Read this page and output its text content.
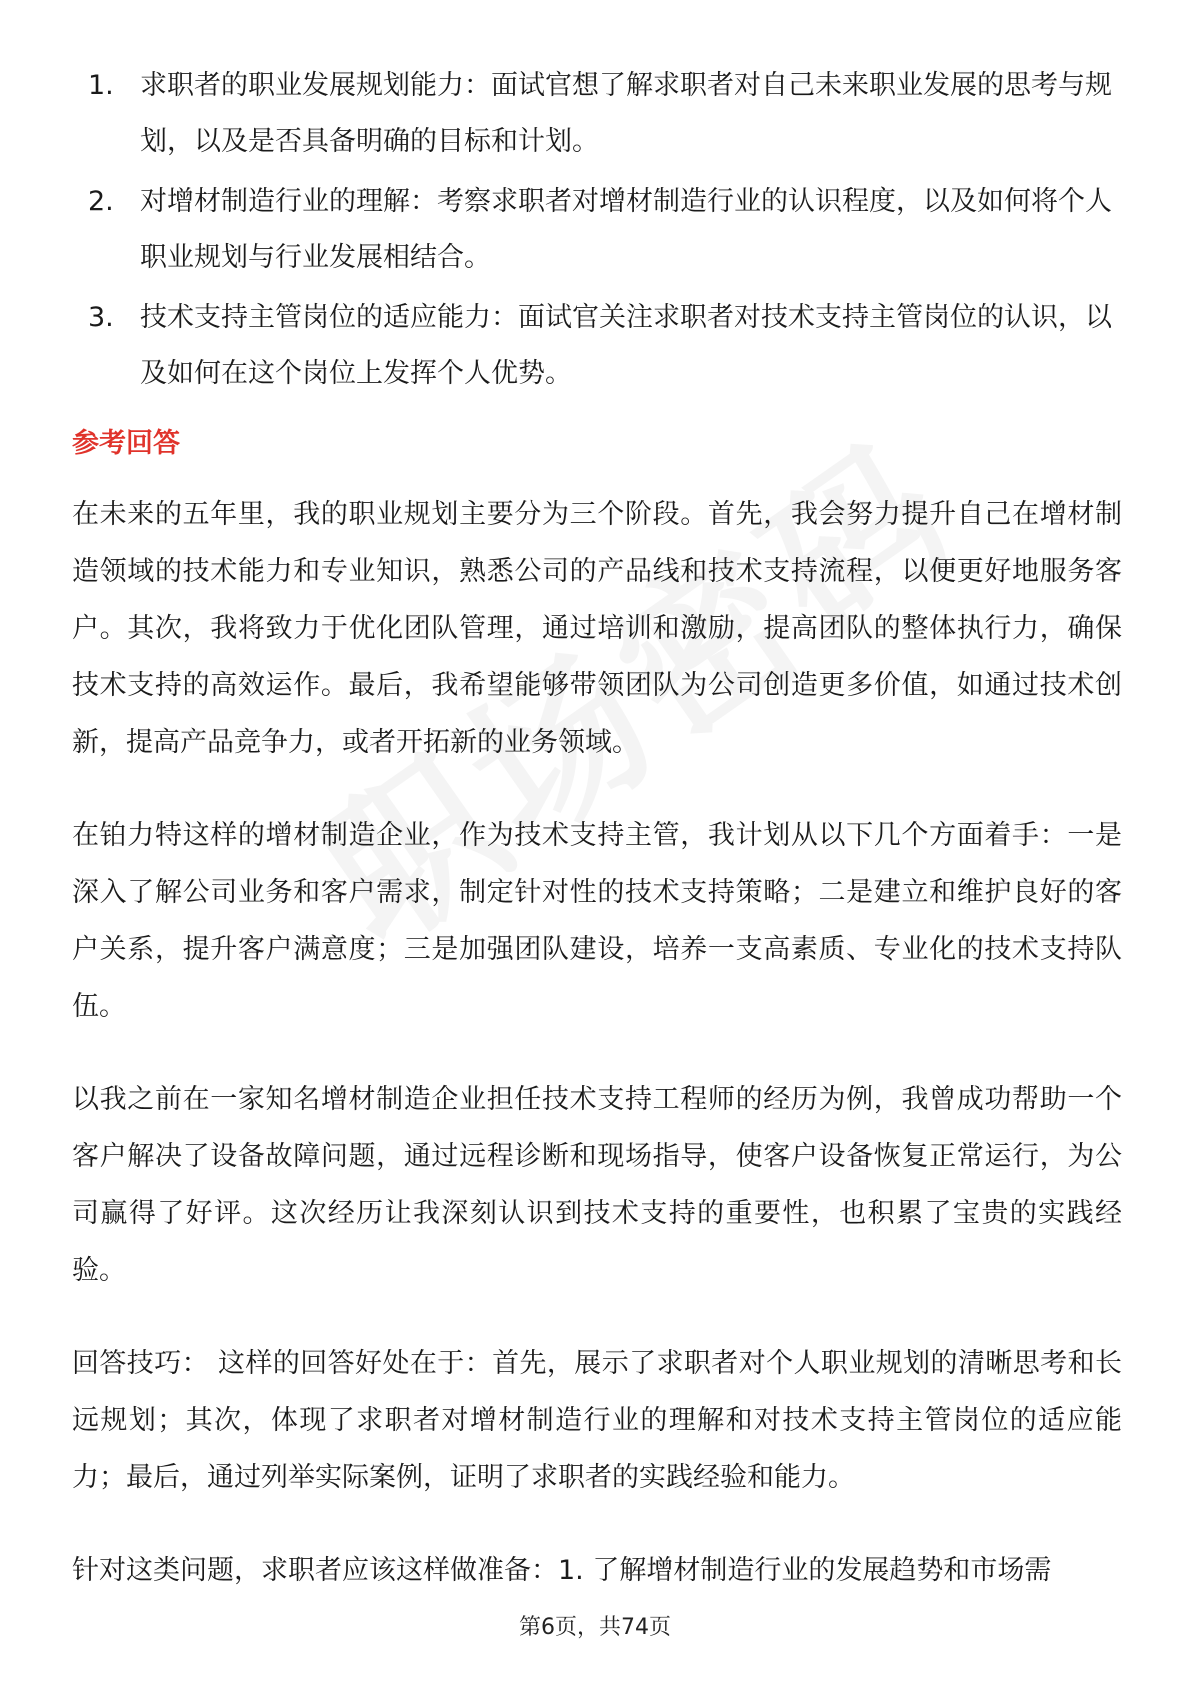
1. 求职者的职业发展规划能力：面试官想了解求职者对自己未来职业发展的思考与规划，以及是否具备明确的目标和计划。
2. 对增材制造行业的理解：考察求职者对增材制造行业的认识程度，以及如何将个人职业规划与行业发展相结合。
3. 技术支持主管岗位的适应能力：面试官关注求职者对技术支持主管岗位的认识，以及如何在这个岗位上发挥个人优势。
参考回答

在未来的五年里，我的职业规划主要分为三个阶段。首先，我会努力提升自己在增材制造领域的技术能力和专业知识，熟悉公司的产品线和技术支持流程，以便更好地服务客户。其次，我将致力于优化团队管理，通过培训和激励，提高团队的整体执行力，确保技术支持的高效运作。最后，我希望能够带领团队为公司创造更多价值，如通过技术创新，提高产品竞争力，或者开拓新的业务领域。

在铂力特这样的增材制造企业，作为技术支持主管，我计划从以下几个方面着手：一是深入了解公司业务和客户需求，制定针对性的技术支持策略；二是建立和维护良好的客户关系，提升客户满意度；三是加强团队建设，培养一支高素质、专业化的技术支持队伍。

以我之前在一家知名增材制造企业担任技术支持工程师的经历为例，我曾成功帮助一个客户解决了设备故障问题，通过远程诊断和现场指导，使客户设备恢复正常运行，为公司赢得了好评。这次经历让我深刻认识到技术支持的重要性，也积累了宝贵的实践经验。

回答技巧： 这样的回答好处在于：首先，展示了求职者对个人职业规划的清晰思考和长远规划；其次，体现了求职者对增材制造行业的理解和对技术支持主管岗位的适应能力；最后，通过列举实际案例，证明了求职者的实践经验和能力。

针对这类问题，求职者应该这样做准备：1. 了解增材制造行业的发展趋势和市场需

第6页，共74页
